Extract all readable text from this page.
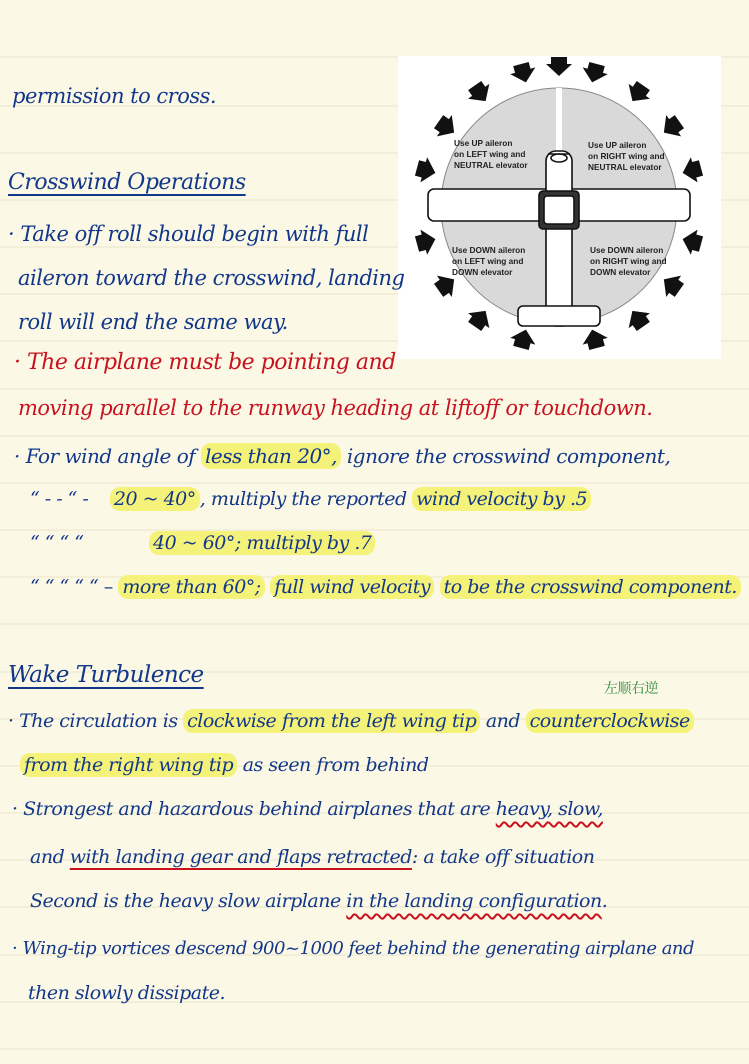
Use UP aileron
on LEFT wing and
NEUTRAL elevator
Use UP aileron
on RIGHT wing and
NEUTRAL elevator
Use DOWN aileron
on LEFT wing and
DOWN elevator
Use DOWN aileron
on RIGHT wing and
DOWN elevator
permission to cross.
Crosswind Operations
· Take off roll should begin with full
aileron toward the crosswind, landing
roll will end the same way.
· The airplane must be pointing and
moving parallel to the runway heading at liftoff or touchdown.
· For wind angle of less than 20°, ignore the crosswind component,
“ - - “ - 20 ~ 40° , multiply the reported wind velocity by .5
“ “ “ “	40 ~ 60°; multiply by .7
“ “ “ “ “ – more than 60°; full wind velocity to be the crosswind component.
Wake Turbulence
左顺右逆
· The circulation is clockwise from the left wing tip and counterclockwise
from the right wing tip as seen from behind
· Strongest and hazardous behind airplanes that are heavy, slow,
and with landing gear and flaps retracted: a take off situation
Second is the heavy slow airplane in the landing configuration.
· Wing-tip vortices descend 900~1000 feet behind the generating airplane and
then slowly dissipate.
